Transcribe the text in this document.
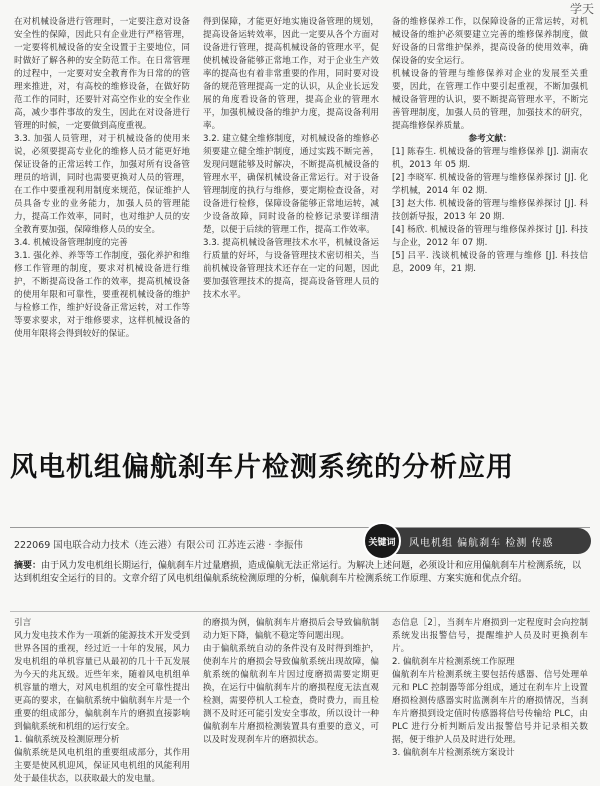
学天
在对机械设备进行管理时，一定要注意对设备安全性的保障，因此只有企业进行严格管理，一定要将机械设备的安全设置于主要地位，同时做好了解各种的安全防范工作。在日常管理的过程中，一定要对安全教育作为日常的的管理来推进，对，有高校的维修设备，在做好防范工作的同时，还要针对高空作业的安全作业高，减少事件事故的发生，因此在对设备进行管理的时候，一定要做到高度重视。
3.3. 加强人员管理，对于机械设备的使用来说，必须要提高专业化的维修人员才能更好地保证设备的正常运转工作，加强对所有设备管理员的培训，同时也需要更换对人员的管理，在工作中要重视利用制度来规范，保证维护人员具备专业的业务能力，加强人员的管理能力，提高工作效率，同时，也对维护人员的安全教育要加强，保障维修人员的安全。
3.4. 机械设备管理制度的完善
3.1. 强化养、养等等工作制度，强化养护和维修工作管理的制度，要求对机械设备进行维护，不断提高设备工作的效率，提高机械设备的使用年限和可靠性，要重视机械设备的维护与检修工作，维护好设备正常运转，对工作等等要求要求，对于维修要求，这样机械设备的使用年限将会得到较好的保证。
得到保障，才能更好地实施设备管理的规划，提高设备运转效率，因此一定要从各个方面对设备进行管理，提高机械设备的管理水平，促使机械设备能够正常地工作，对于企业生产效率的提高也有着非常重要的作用，同时要对设备的规范管理提高一定的认识，从企业长远发展的角度看设备的管理，提高企业的管理水平，加强机械设备的维护力度，提高设备利用率。
3.2. 建立健全维修制度，对机械设备的维修必须要建立健全维护制度，通过实践不断完善，发现问题能够及时解决，不断提高机械设备的管理水平，确保机械设备正常运行。对于设备管理制度的执行与维修，要定期检查设备，对设备进行检修，保障设备能够正常地运转，减少设备故障，同时设备的检修记录要详细清楚，以便于后续的管理工作，提高工作效率。
3.3. 提高机械设备管理技术水平，机械设备运行质量的好坏，与设备管理技术密切相关，当前机械设备管理技术还存在一定的问题，因此要加强管理技术的提高，提高设备管理人员的技术水平。

备的维修保养工作，以保障设备的正常运转，对机械设备的维护必须要建立完善的维修保养制度，做好设备的日常维护保养，提高设备的使用效率，确保设备的安全运行。
机械设备的管理与维修保养对企业的发展至关重要，因此，在管理工作中要引起重视，不断加强机械设备管理的认识，要不断提高管理水平，不断完善管理制度，加强人员的管理，加强技术的研究，提高维修保养质量。

参考文献：

[1] 陈春生. 机械设备的管理与维修保养 [J]. 湖南农机，2013 年 05 期.

[2] 李晓军. 机械设备的管理与维修保养探讨 [J]. 化学机械，2014 年 02 期.

[3] 赵大伟. 机械设备的管理与维修保养探讨 [J]. 科技创新导报，2013 年 20 期.

[4] 杨欣. 机械设备的管理与维修保养探讨 [J]. 科技与企业，2012 年 07 期.

[5] 吕平. 浅谈机械设备的管理与维修 [J]. 科技信息，2009 年，21 期.

风电机组偏航刹车片检测系统的分析应用
222069 国电联合动力技术（连云港）有限公司 江苏连云港 · 李振伟	关键词	风电机组 偏航刹车 检测 传感
摘要：由于风力发电机组长期运行，偏航刹车片过量磨损，造成偏航无法正常运行。为解决上述问题，必须设计和应用偏航刹车片检测系统，以达到机组安全运行的目的。文章介绍了风电机组偏航系统检测原理的分析，偏航刹车片检测系统工作原理、方案实施和优点介绍。
引言
风力发电技术作为一项新的能源技术开发受到世界各国的重视，经过近一十年的发展，风力发电机组的单机容量已从最初的几十千瓦发展为今天的兆瓦级。近些年来，随着风电机组单机容量的增大，对风电机组的安全可靠性提出更高的要求，在偏航系统中偏航刹车片是一个重要的组成部分，偏航刹车片的磨损直接影响到偏航系统和机组的运行安全。
1. 偏航系统及检测原理分析
偏航系统是风电机组的重要组成部分，其作用主要是使风机迎风，保证风电机组的风能利用处于最佳状态，以获取最大的发电量。
的磨损为例，偏航刹车片磨损后会导致偏航制动力矩下降，偏航不稳定等问题出现。
由于偏航系统自动的条件没有及时得到维护，使刹车片的磨损会导致偏航系统出现故障，偏航系统的偏航刹车片因过度磨损需要定期更换，在运行中偏航刹车片的磨损程度无法直观检测，需要停机人工检查，费时费力，而且检测不及时还可能引发安全事故，所以设计一种偏航刹车片磨损检测装置具有重要的意义，可以及时发现刹车片的磨损状态。
态信息［2］，当刹车片磨损到一定程度时会向控制系统发出报警信号，提醒维护人员及时更换刹车片。
2. 偏航刹车片检测系统工作原理
偏航刹车片检测系统主要包括传感器、信号处理单元和 PLC 控制器等部分组成，通过在刹车片上设置磨损检测传感器实时监测刹车片的磨损情况，当刹车片磨损到设定值时传感器将信号传输给 PLC，由 PLC 进行分析判断后发出报警信号并记录相关数据，便于维护人员及时进行处理。
3. 偏航刹车片检测系统方案设计
